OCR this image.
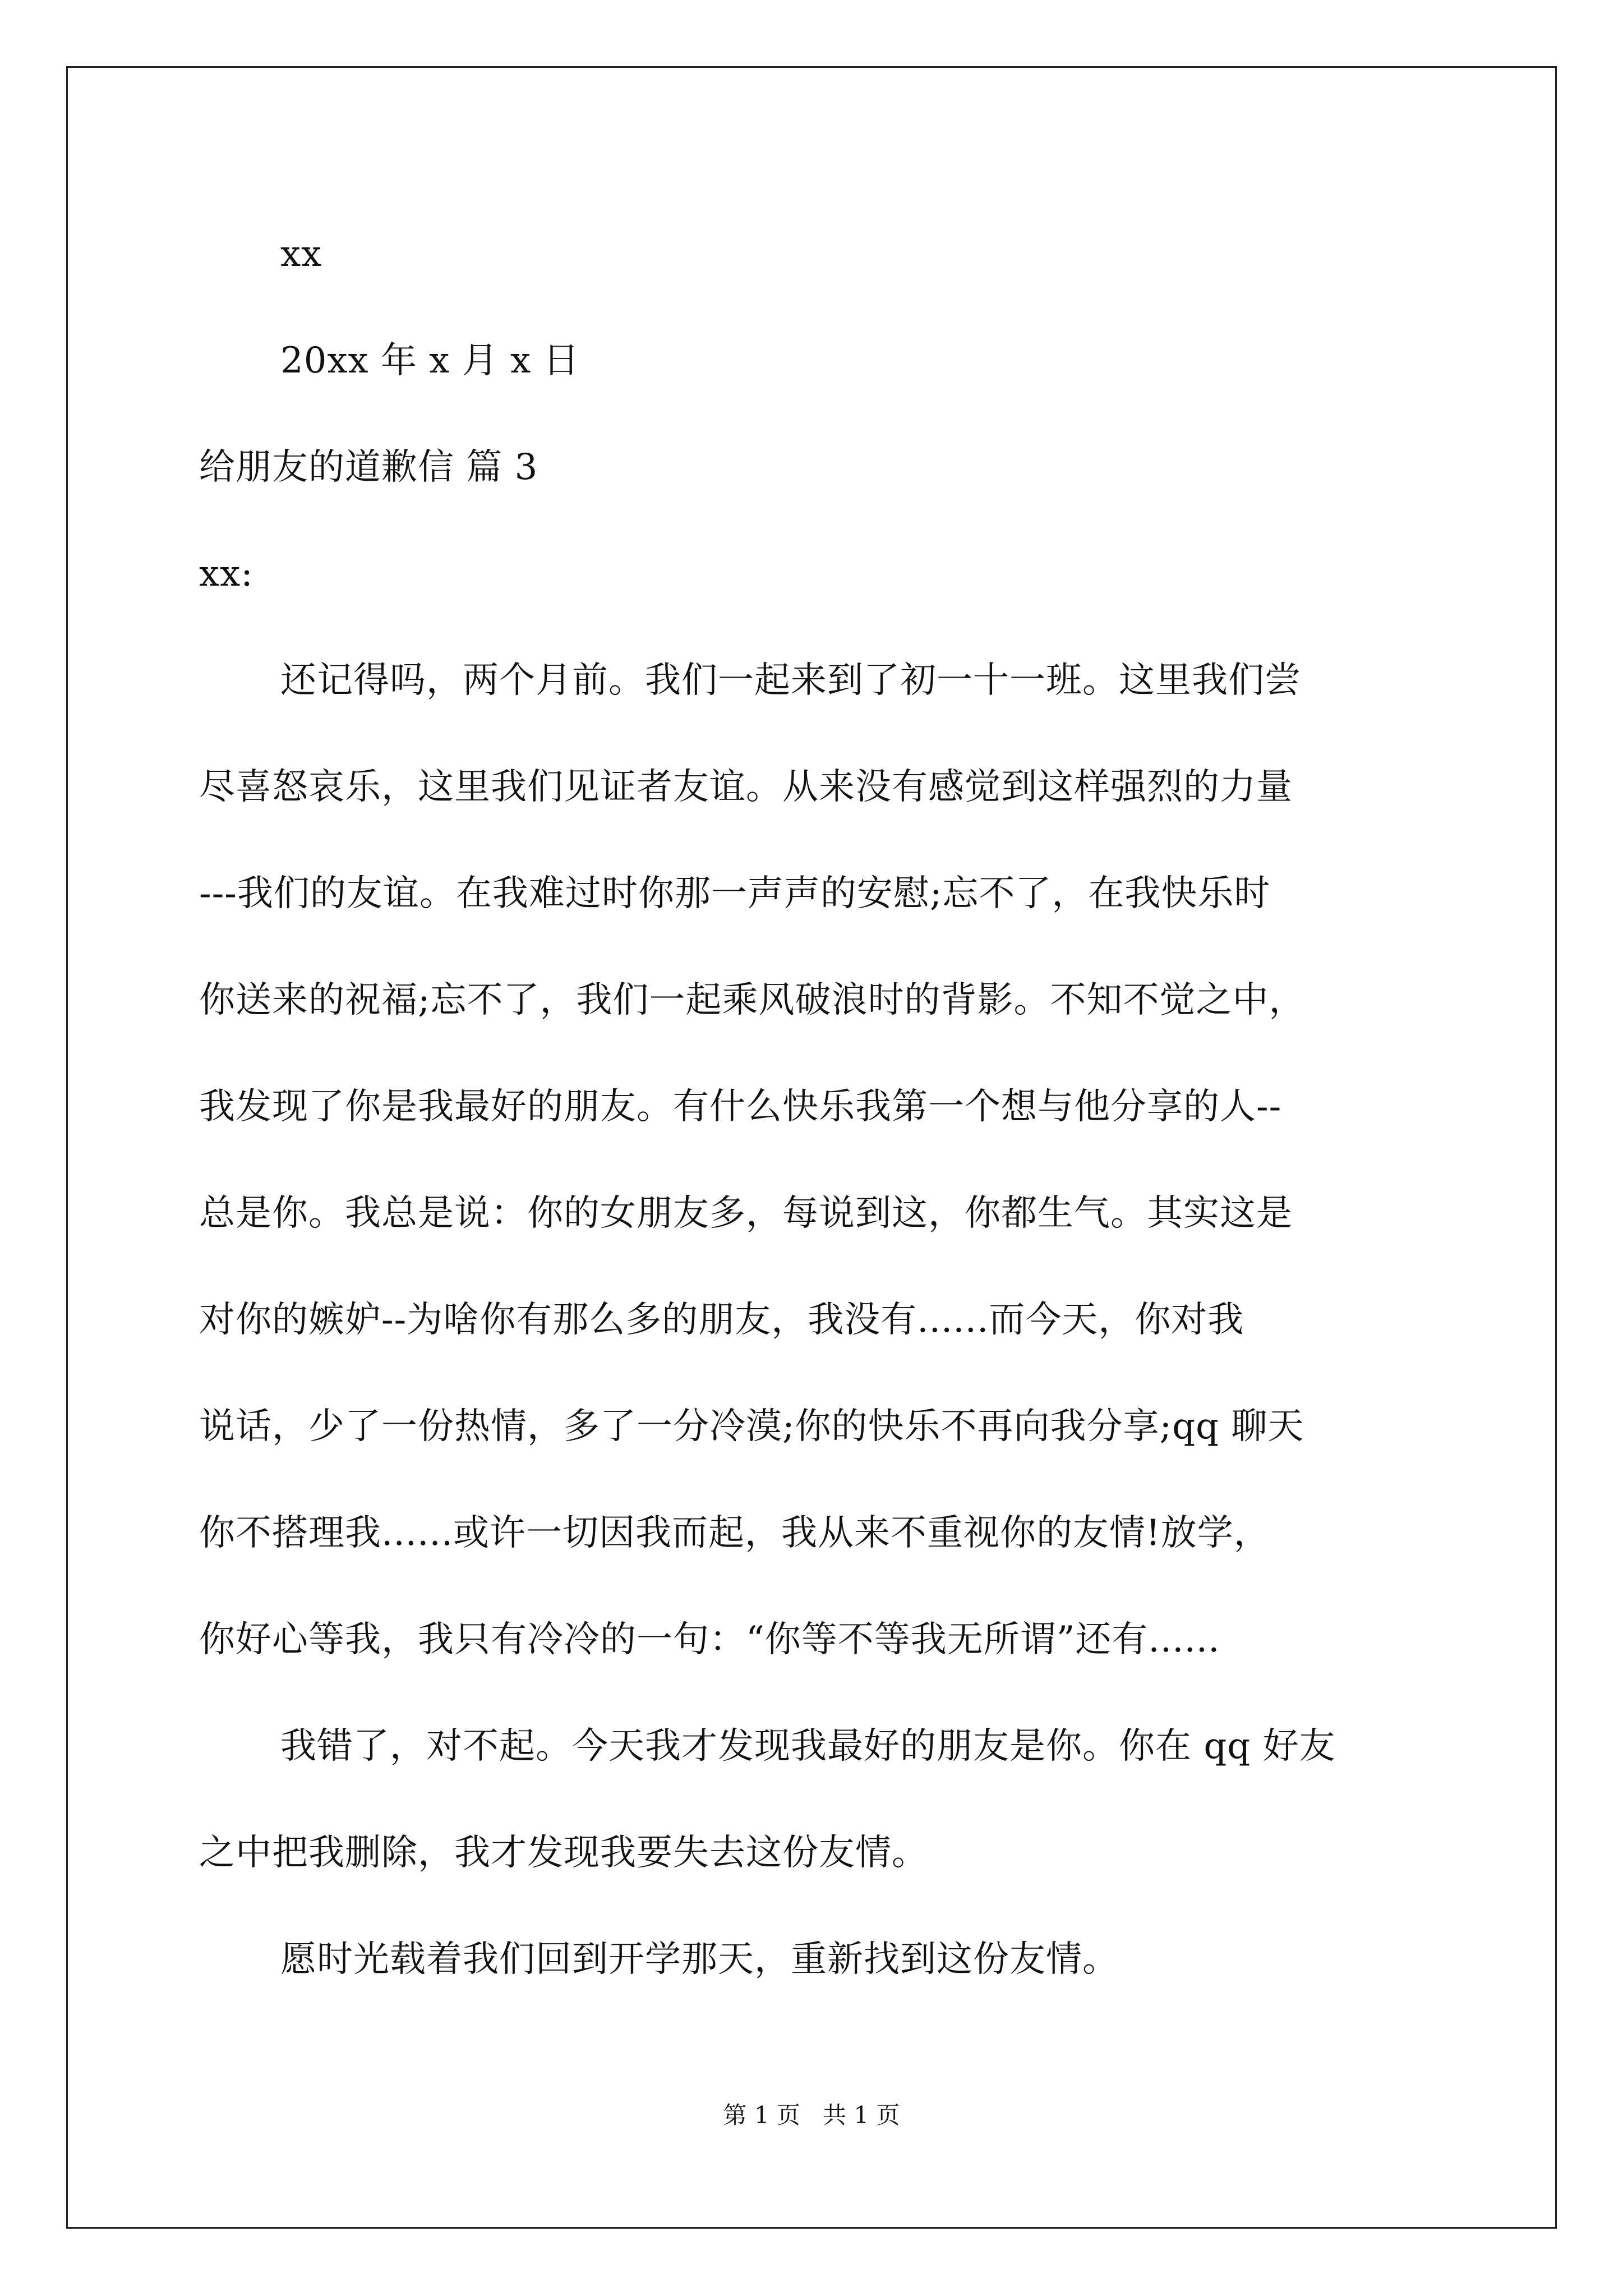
xx
20xx 年 x 月 x 日
给朋友的道歉信 篇 3
xx:
还记得吗，两个月前。我们一起来到了初一十一班。这里我们尝
尽喜怒哀乐，这里我们见证者友谊。从来没有感觉到这样强烈的力量
---我们的友谊。在我难过时你那一声声的安慰;忘不了，在我快乐时
你送来的祝福;忘不了，我们一起乘风破浪时的背影。不知不觉之中，
我发现了你是我最好的朋友。有什么快乐我第一个想与他分享的人--
总是你。我总是说：你的女朋友多，每说到这，你都生气。其实这是
对你的嫉妒--为啥你有那么多的朋友，我没有......而今天，你对我
说话，少了一份热情，多了一分冷漠;你的快乐不再向我分享;qq 聊天
你不搭理我......或许一切因我而起，我从来不重视你的友情!放学，
你好心等我，我只有冷冷的一句：“你等不等我无所谓”还有......
我错了，对不起。今天我才发现我最好的朋友是你。你在 qq 好友
之中把我删除，我才发现我要失去这份友情。
愿时光载着我们回到开学那天，重新找到这份友情。
第 1 页   共 1 页
